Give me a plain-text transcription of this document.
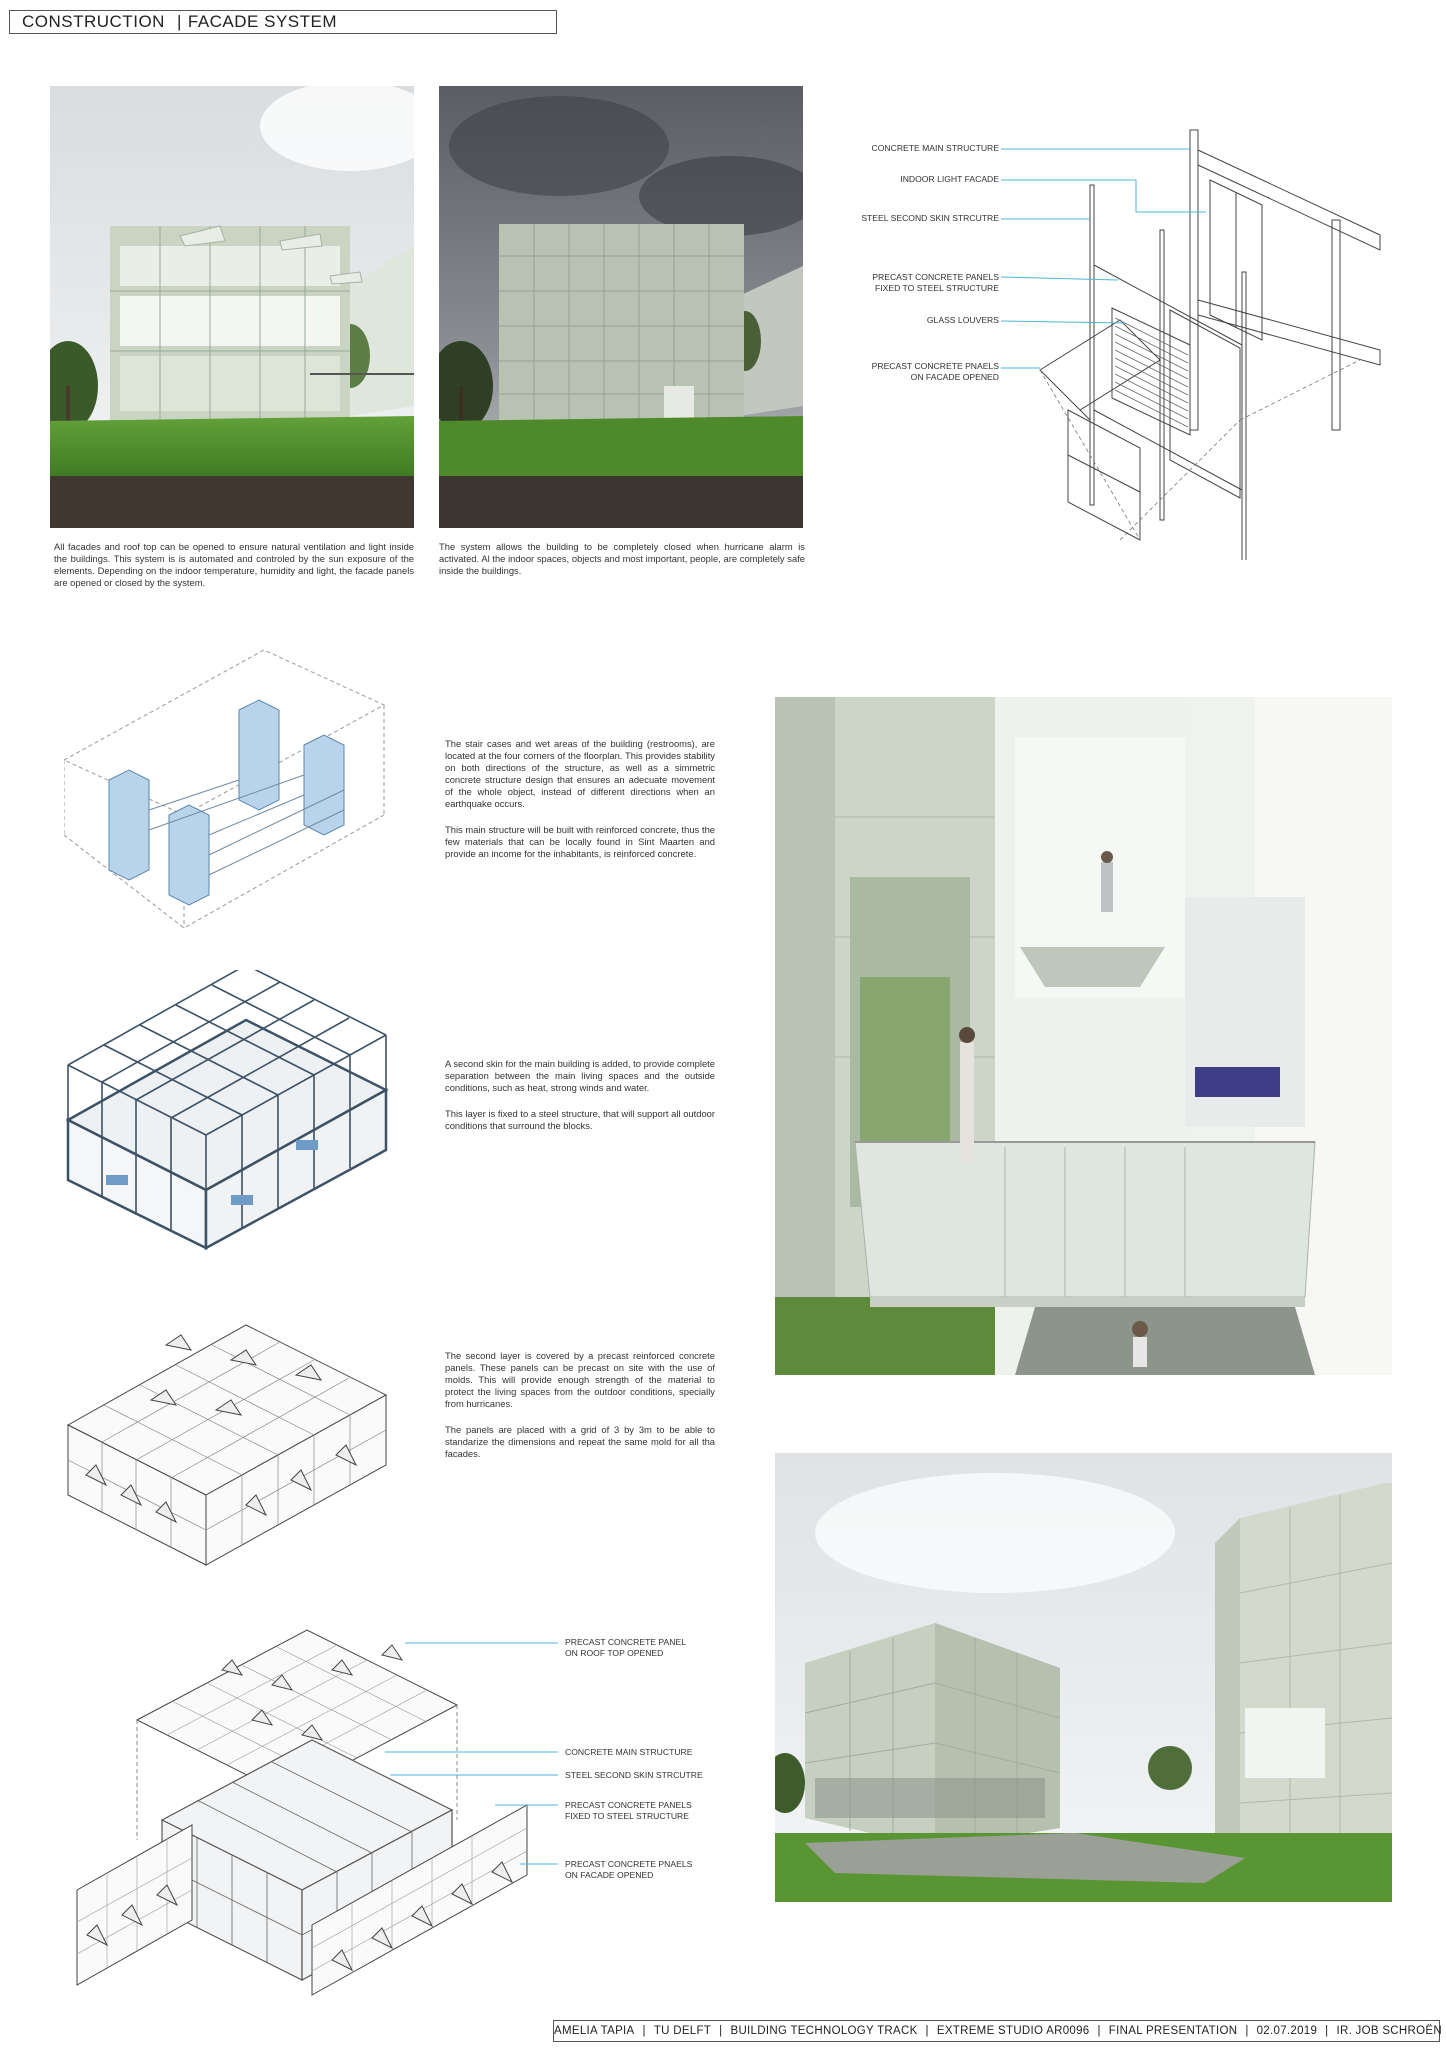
CONSTRUCTION | FACADE SYSTEM
All facades and roof top can be opened to ensure natural ventilation and light inside the buildings. This system is is automated and controled by the sun exposure of the elements. Depending on the indoor temperature, humidity and light, the facade panels are opened or closed by the system.
The system allows the building to be completely closed when hurricane alarm is activated. Al the indoor spaces, objects and most important, people, are completely safe inside the buildings.
CONCRETE MAIN STRUCTURE
INDOOR LIGHT FACADE
STEEL SECOND SKIN STRCUTRE
PRECAST CONCRETE PANELS
FIXED TO STEEL STRUCTURE
GLASS LOUVERS
PRECAST CONCRETE PNAELS
ON FACADE OPENED

The stair cases and wet areas of the building (restrooms), are located at the four corners of the floorplan. This provides stability on both directions of the structure, as well as a simmetric concrete structure design that ensures an adecuate movement of the whole object, instead of different directions when an earthquake occurs.

This main structure will be built with reinforced concrete, thus the few materials that can be locally found in Sint Maarten and provide an income for the inhabitants, is reinforced concrete.

A second skin for the main building is added, to provide complete separation between the main living spaces and the outside conditions, such as heat, strong winds and water.

This layer is fixed to a steel structure, that will support all outdoor conditions that surround the blocks.

The second layer is covered by a precast reinforced concrete panels. These panels can be precast on site with the use of molds. This will provide enough strength of the material to protect the living spaces from the outdoor conditions, specially from hurricanes.

The panels are placed with a grid of 3 by 3m to be able to standarize the dimensions and repeat the same mold for all tha facades.

PRECAST CONCRETE PANEL
ON ROOF TOP OPENED
CONCRETE MAIN STRUCTURE
STEEL SECOND SKIN STRCUTRE
PRECAST CONCRETE PANELS
FIXED TO STEEL STRUCTURE
PRECAST CONCRETE PNAELS
ON FACADE OPENED
AMELIA TAPIA | TU DELFT | BUILDING TECHNOLOGY TRACK | EXTREME STUDIO AR0096 | FINAL PRESENTATION | 02.07.2019 | IR. JOB SCHROËN
